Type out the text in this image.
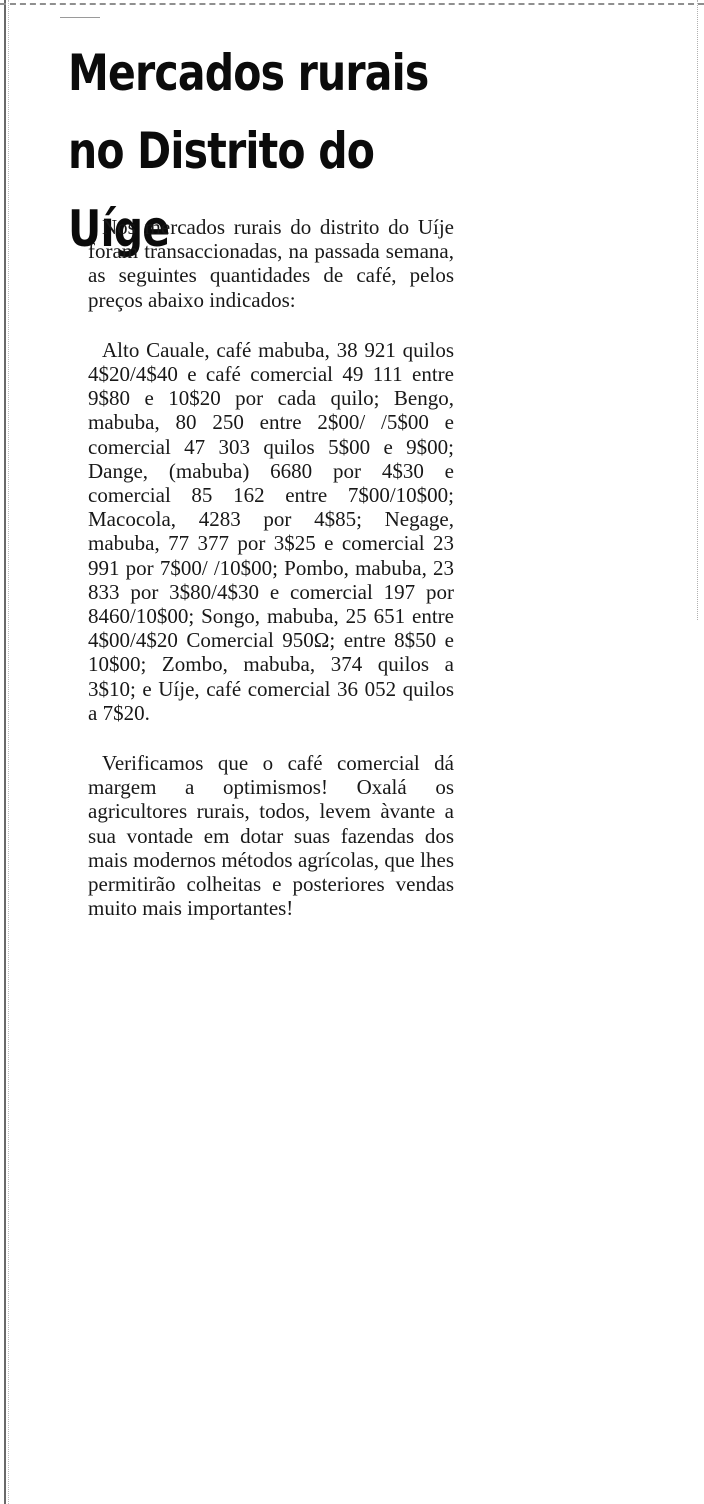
Mercados rurais
no Distrito do Uíge

Nos mercados rurais do distrito do Uíje foram transaccionadas, na passada semana, as seguintes quantidades de café, pelos preços abaixo indicados:

Alto Cauale, café mabuba, 38 921 quilos 4$20/4$40 e café comercial 49 111 entre 9$80 e 10$20 por cada quilo; Bengo, mabuba, 80 250 entre 2$00/ /5$00 e comercial 47 303 quilos 5$00 e 9$00; Dange, (mabuba) 6680 por 4$30 e comercial 85 162 entre 7$00/10$00; Macocola, 4283 por 4$85; Negage, mabuba, 77 377 por 3$25 e comercial 23 991 por 7$00/ /10$00; Pombo, mabuba, 23 833 por 3$80/4$30 e comercial 197 por 8460/10$00; Songo, mabuba, 25 651 entre 4$00/4$20 Comercial 950Ω; entre 8$50 e 10$00; Zombo, mabuba, 374 quilos a 3$10; e Uíje, café comercial 36 052 quilos a 7$20.

Verificamos que o café comercial dá margem a optimismos! Oxalá os agricultores rurais, todos, levem àvante a sua vontade em dotar suas fazendas dos mais modernos métodos agrícolas, que lhes permitirão colheitas e posteriores vendas muito mais importantes!
